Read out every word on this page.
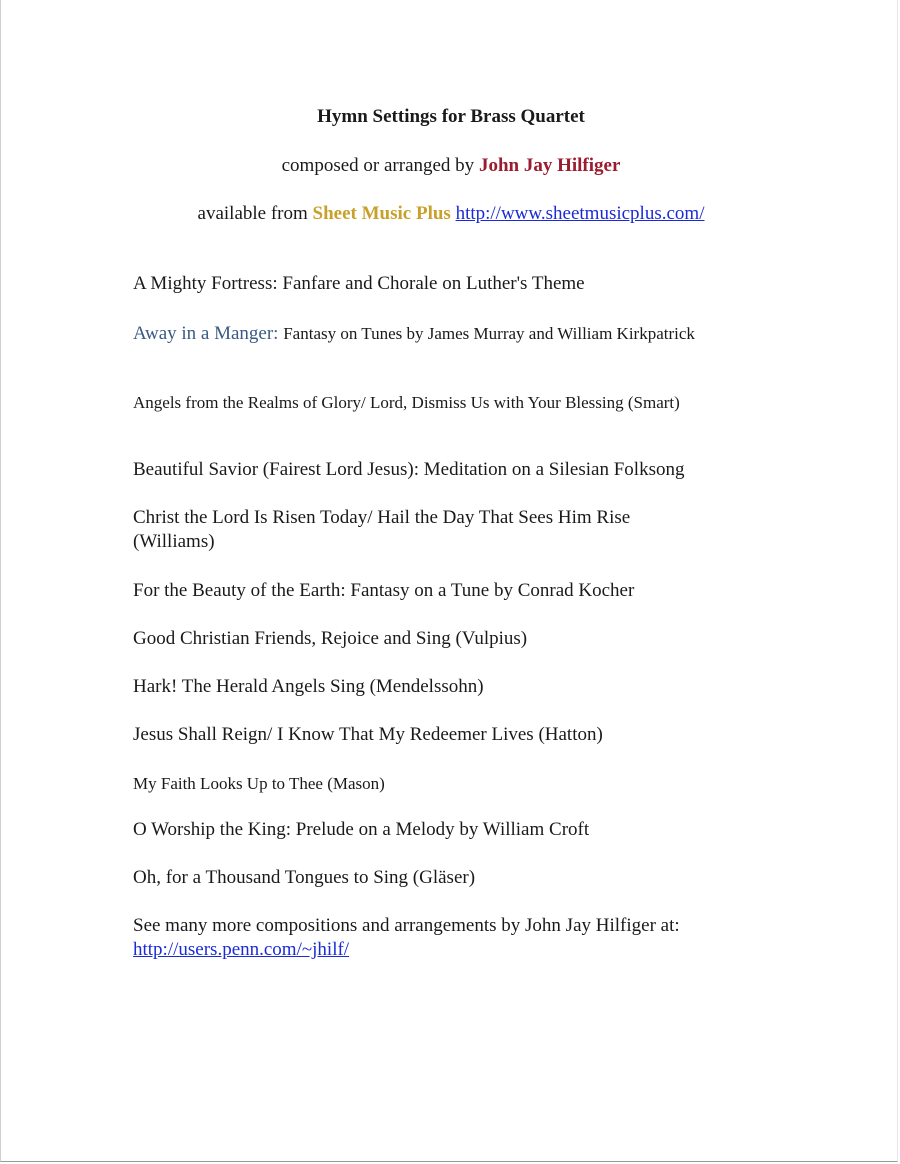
Hymn Settings for Brass Quartet
composed or arranged by John Jay Hilfiger
available from Sheet Music Plus http://www.sheetmusicplus.com/

A Mighty Fortress: Fanfare and Chorale on Luther's Theme

Away in a Manger: Fantasy on Tunes by James Murray and William Kirkpatrick

Angels from the Realms of Glory/ Lord, Dismiss Us with Your Blessing (Smart)

Beautiful Savior (Fairest Lord Jesus): Meditation on a Silesian Folksong

Christ the Lord Is Risen Today/ Hail the Day That Sees Him Rise (Williams)

For the Beauty of the Earth: Fantasy on a Tune by Conrad Kocher

Good Christian Friends, Rejoice and Sing (Vulpius)

Hark! The Herald Angels Sing (Mendelssohn)

Jesus Shall Reign/ I Know That My Redeemer Lives (Hatton)

My Faith Looks Up to Thee (Mason)

O Worship the King: Prelude on a Melody by William Croft

Oh, for a Thousand Tongues to Sing (Gläser)

See many more compositions and arrangements by John Jay Hilfiger at:
http://users.penn.com/~jhilf/
